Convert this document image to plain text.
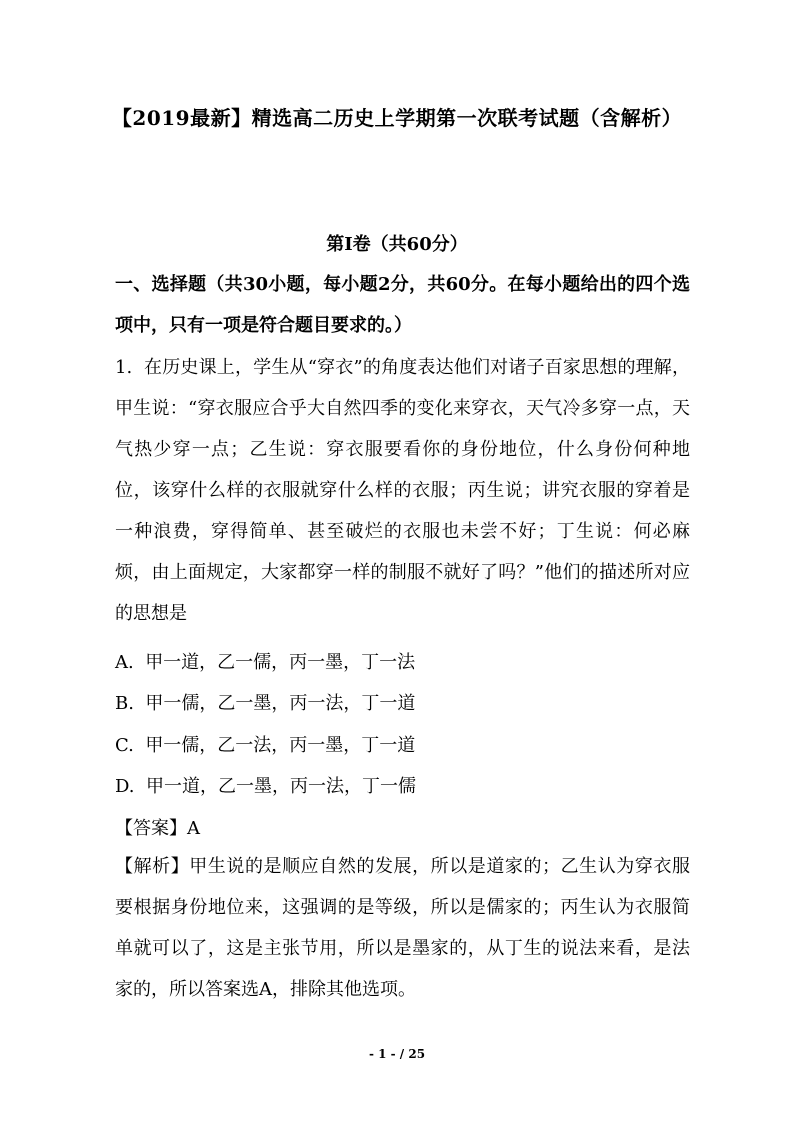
【2019最新】精选高二历史上学期第一次联考试题（含解析）
第Ⅰ卷（共60分）

一、选择题（共30小题，每小题2分，共60分。在每小题给出的四个选项中，只有一项是符合题目要求的。）

1. 在历史课上，学生从“穿衣”的角度表达他们对诸子百家思想的理解，甲生说：“穿衣服应合乎大自然四季的变化来穿衣，天气冷多穿一点，天气热少穿一点；乙生说：穿衣服要看你的身份地位，什么身份何种地位，该穿什么样的衣服就穿什么样的衣服；丙生说；讲究衣服的穿着是一种浪费，穿得简单、甚至破烂的衣服也未尝不好；丁生说：何必麻烦，由上面规定，大家都穿一样的制服不就好了吗？”他们的描述所对应的思想是

A. 甲一道，乙一儒，丙一墨，丁一法
B. 甲一儒，乙一墨，丙一法，丁一道
C. 甲一儒，乙一法，丙一墨，丁一道
D. 甲一道，乙一墨，丙一法，丁一儒
【答案】A

【解析】甲生说的是顺应自然的发展，所以是道家的；乙生认为穿衣服要根据身份地位来，这强调的是等级，所以是儒家的；丙生认为衣服简单就可以了，这是主张节用，所以是墨家的，从丁生的说法来看，是法家的，所以答案选A，排除其他选项。

- 1 - / 25
